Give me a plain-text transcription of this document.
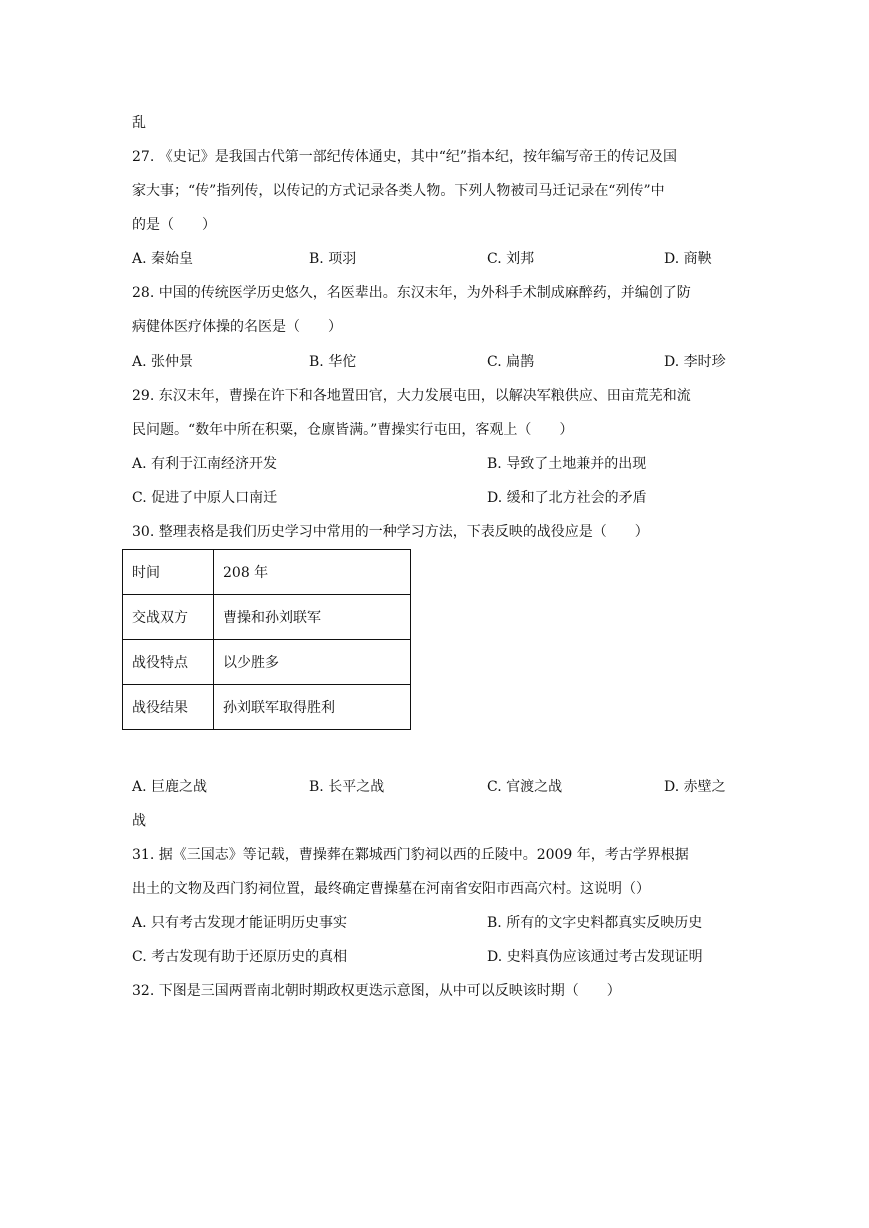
乱
27. 《史记》是我国古代第一部纪传体通史，其中“纪”指本纪，按年编写帝王的传记及国
家大事；“传”指列传，以传记的方式记录各类人物。下列人物被司马迁记录在“列传”中
的是（　　）
A. 秦始皇	B. 项羽	C. 刘邦	D. 商鞅
28. 中国的传统医学历史悠久，名医辈出。东汉末年，为外科手术制成麻醉药，并编创了防
病健体医疗体操的名医是（　　）
A. 张仲景	B. 华佗	C. 扁鹊	D. 李时珍
29. 东汉末年，曹操在许下和各地置田官，大力发展屯田，以解决军粮供应、田亩荒芜和流
民问题。“数年中所在积粟，仓廪皆满。”曹操实行屯田，客观上（　　）
A. 有利于江南经济开发	B. 导致了土地兼并的出现
C. 促进了中原人口南迁	D. 缓和了北方社会的矛盾
30. 整理表格是我们历史学习中常用的一种学习方法，下表反映的战役应是（　　）
时间	208 年
交战双方	曹操和孙刘联军
战役特点	以少胜多
战役结果	孙刘联军取得胜利
A. 巨鹿之战	B. 长平之战	C. 官渡之战	D. 赤壁之
战
31. 据《三国志》等记载，曹操葬在鄴城西门豹祠以西的丘陵中。2009 年，考古学界根据
出土的文物及西门豹祠位置，最终确定曹操墓在河南省安阳市西高穴村。这说明（）
A. 只有考古发现才能证明历史事实	B. 所有的文字史料都真实反映历史
C. 考古发现有助于还原历史的真相	D. 史料真伪应该通过考古发现证明
32. 下图是三国两晋南北朝时期政权更迭示意图，从中可以反映该时期（　　）
